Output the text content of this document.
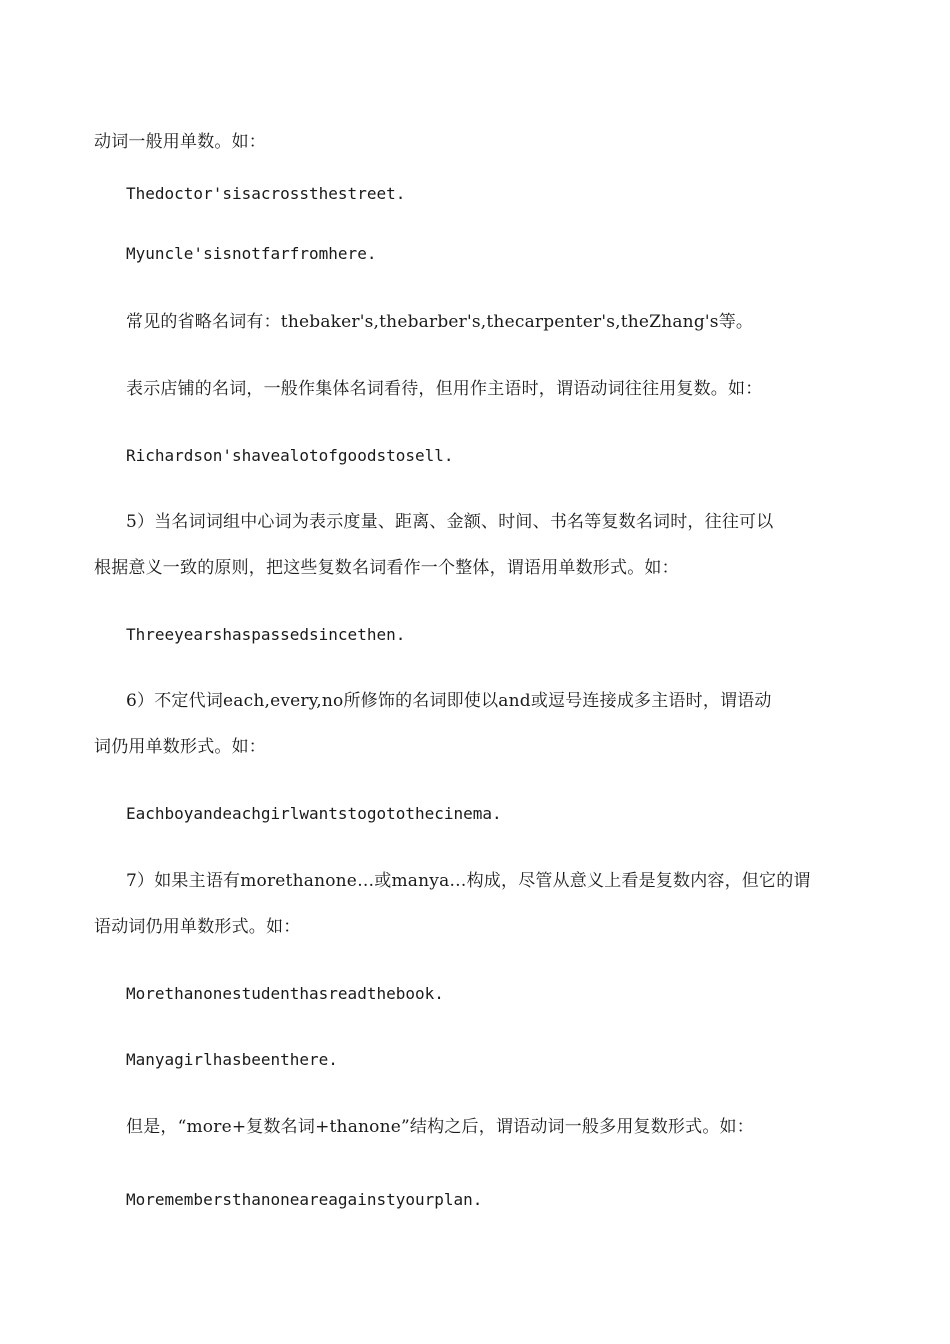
动词一般用单数。如：
Thedoctor'sisacrossthestreet.
Myuncle'sisnotfarfromhere.
常见的省略名词有：thebaker's,thebarber's,thecarpenter's,theZhang's等。
表示店铺的名词，一般作集体名词看待，但用作主语时，谓语动词往往用复数。如：
Richardson'shavealotofgoodstosell.
5）当名词词组中心词为表示度量、距离、金额、时间、书名等复数名词时，往往可以
根据意义一致的原则，把这些复数名词看作一个整体，谓语用单数形式。如：
Threeyearshaspassedsincethen.
6）不定代词each,every,no所修饰的名词即使以and或逗号连接成多主语时，谓语动
词仍用单数形式。如：
Eachboyandeachgirlwantstogotothecinema.
7）如果主语有morethanone…或manya…构成，尽管从意义上看是复数内容，但它的谓
语动词仍用单数形式。如：
Morethanonestudenthasreadthebook.
Manyagirlhasbeenthere.
但是，“more+复数名词+thanone”结构之后，谓语动词一般多用复数形式。如：
Moremembersthanoneareagainstyourplan.
